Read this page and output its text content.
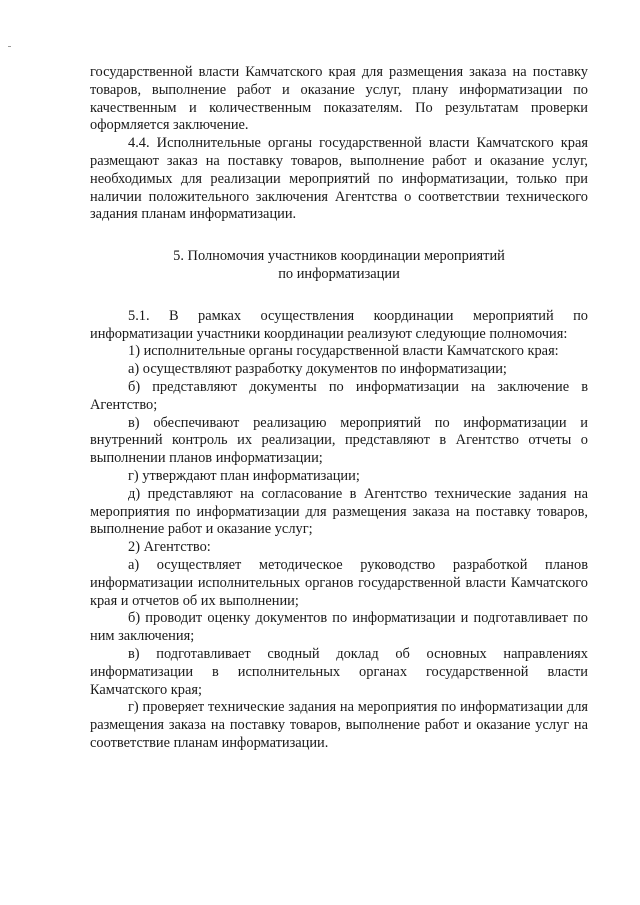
государственной власти Камчатского края для размещения заказа на поставку товаров, выполнение работ и оказание услуг, плану информатизации по качественным и количественным показателям. По результатам проверки оформляется заключение.

4.4. Исполнительные органы государственной власти Камчатского края размещают заказ на поставку товаров, выполнение работ и оказание услуг, необходимых для реализации мероприятий по информатизации, только при наличии положительного заключения Агентства о соответствии технического задания планам информатизации.

5. Полномочия участников координации мероприятий
по информатизации

5.1. В рамках осуществления координации мероприятий по информатизации участники координации реализуют следующие полномочия:

1) исполнительные органы государственной власти Камчатского края:

а) осуществляют разработку документов по информатизации;

б) представляют документы по информатизации на заключение в Агентство;

в) обеспечивают реализацию мероприятий по информатизации и внутренний контроль их реализации, представляют в Агентство отчеты о выполнении планов информатизации;

г) утверждают план информатизации;

д) представляют на согласование в Агентство технические задания на мероприятия по информатизации для размещения заказа на поставку товаров, выполнение работ и оказание услуг;

2) Агентство:

а) осуществляет методическое руководство разработкой планов информатизации исполнительных органов государственной власти Камчатского края и отчетов об их выполнении;

б) проводит оценку документов по информатизации и подготавливает по ним заключения;

в) подготавливает сводный доклад об основных направлениях информатизации в исполнительных органах государственной власти Камчатского края;

г) проверяет технические задания на мероприятия по информатизации для размещения заказа на поставку товаров, выполнение работ и оказание услуг на соответствие планам информатизации.
